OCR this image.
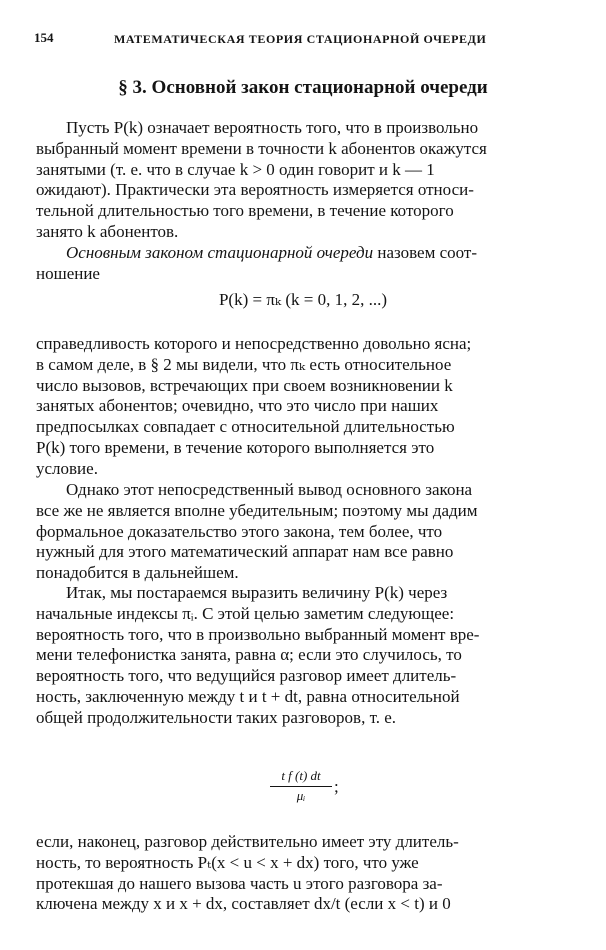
154	МАТЕМАТИЧЕСКАЯ ТЕОРИЯ СТАЦИОНАРНОЙ ОЧЕРЕДИ
§ 3. Основной закон стационарной очереди
Пусть P(k) означает вероятность того, что в произвольно
выбранный момент времени в точности k абонентов окажутся
занятыми (т. е. что в случае k > 0 один говорит и k — 1
ожидают). Практически эта вероятность измеряется относи-
тельной длительностью того времени, в течение которого
занято k абонентов.
Основным законом стационарной очереди назовем соот-
ношение
P(k) = πₖ (k = 0, 1, 2, ...)
справедливость которого и непосредственно довольно ясна;
в самом деле, в § 2 мы видели, что πₖ есть относительное
число вызовов, встречающих при своем возникновении k
занятых абонентов; очевидно, что это число при наших
предпосылках совпадает с относительной длительностью
P(k) того времени, в течение которого выполняется это
условие.
Однако этот непосредственный вывод основного закона
все же не является вполне убедительным; поэтому мы дадим
формальное доказательство этого закона, тем более, что
нужный для этого математический аппарат нам все равно
понадобится в дальнейшем.
Итак, мы постараемся выразить величину P(k) через
начальные индексы πᵢ. С этой целью заметим следующее:
вероятность того, что в произвольно выбранный момент вре-
мени телефонистка занята, равна α; если это случилось, то
вероятность того, что ведущийся разговор имеет длитель-
ность, заключенную между t и t + dt, равна относительной
общей продолжительности таких разговоров, т. е.
t f (t) dt
μᵢ	;
если, наконец, разговор действительно имеет эту длитель-
ность, то вероятность Pₜ(x < u < x + dx) того, что уже
протекшая до нашего вызова часть u этого разговора за-
ключена между x и x + dx, составляет dx/t (если x < t) и 0
